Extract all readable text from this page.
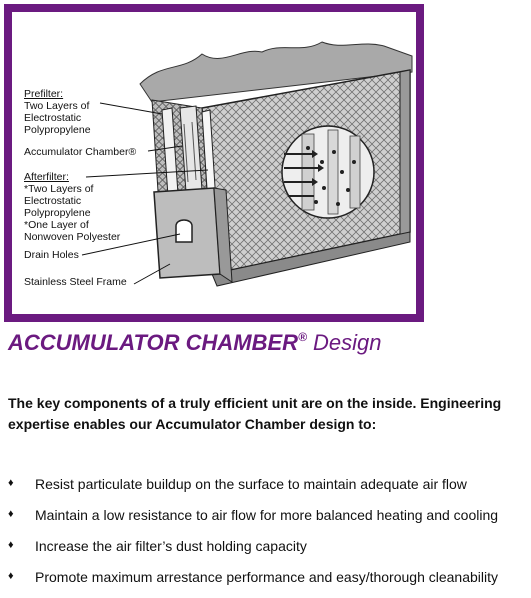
Prefilter:
Two Layers of
Electrostatic
Polypropylene
Accumulator Chamber®
Afterfilter:
*Two Layers of
Electrostatic
Polypropylene
*One Layer of
Nonwoven Polyester
Drain Holes
Stainless Steel Frame
ACCUMULATOR CHAMBER® Design
The key components of a truly efficient unit are on the inside. Engineering expertise enables our Accumulator Chamber design to:
♦ Resist particulate buildup on the surface to maintain adequate air flow
♦ Maintain a low resistance to air flow for more balanced heating and cooling
♦ Increase the air filter’s dust holding capacity
♦ Promote maximum arrestance performance and easy/thorough cleanability
